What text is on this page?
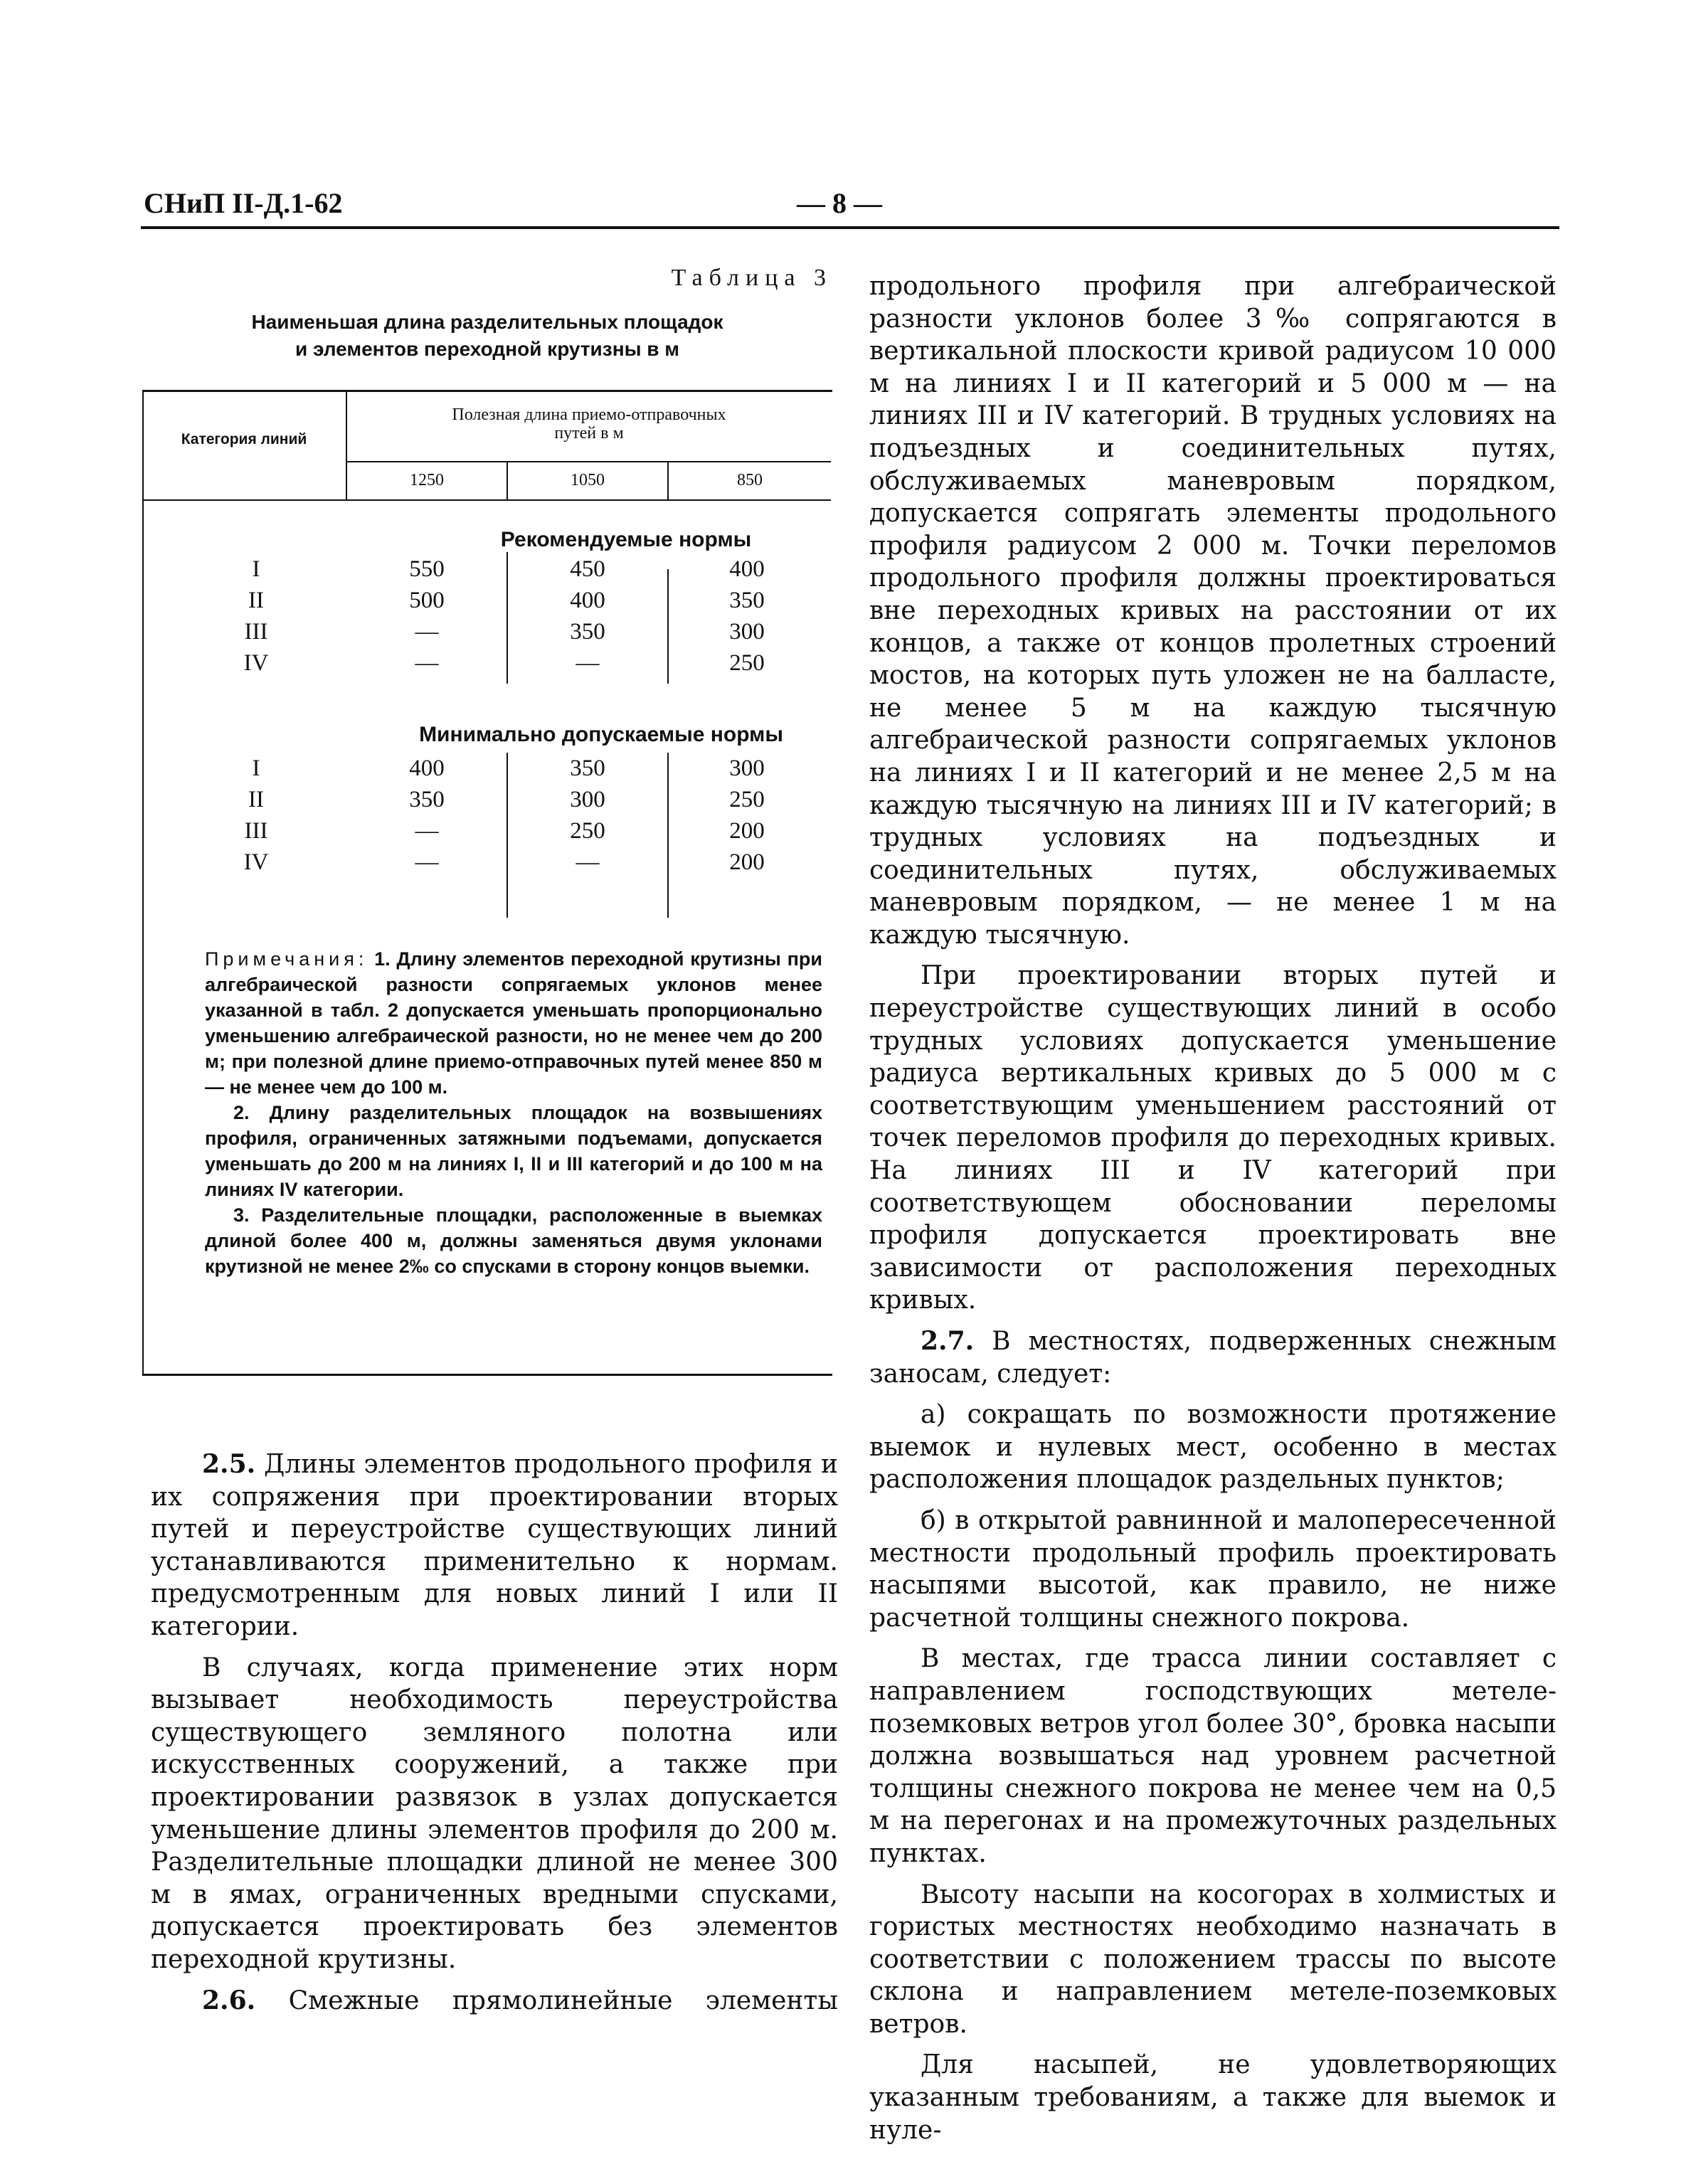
СНиП II-Д.1-62	— 8 —
Таблица 3
Наименьшая длина разделительных площадок
и элементов переходной крутизны в м
Категория линий
Полезная длина приемо-отправочных
путей в м
1250	1050	850
Рекомендуемые нормы
I	550	450	400
II	500	400	350
III	—	350	300
IV	—	—	250
Минимально допускаемые нормы
I	400	350	300
II	350	300	250
III	—	250	200
IV	—	—	200

Примечания: 1. Длину элементов переходной крутизны при алгебраической разности сопрягаемых уклонов менее указанной в табл. 2 допускается уменьшать пропорционально уменьшению алгебраической разности, но не менее чем до 200 м; при полезной длине приемо-отправочных путей менее 850 м — не менее чем до 100 м.

2. Длину разделительных площадок на возвышениях профиля, ограниченных затяжными подъемами, допускается уменьшать до 200 м на линиях I, II и III категорий и до 100 м на линиях IV категории.

3. Разделительные площадки, расположенные в выемках длиной более 400 м, должны заменяться двумя уклонами крутизной не менее 2‰ со спусками в сторону концов выемки.

2.5. Длины элементов продольного профиля и их сопряжения при проектировании вторых путей и переустройстве существующих линий устанавливаются применительно к нормам. предусмотренным для новых линий I или II категории.

В случаях, когда применение этих норм вызывает необходимость переустройства существующего земляного полотна или искусственных сооружений, а также при проектировании развязок в узлах допускается уменьшение длины элементов профиля до 200 м. Разделительные площадки длиной не менее 300 м в ямах, ограниченных вредными спусками, допускается проектировать без элементов переходной крутизны.

2.6. Смежные прямолинейные элементы

продольного профиля при алгебраической разности уклонов более 3‰ сопрягаются в вертикальной плоскости кривой радиусом 10 000 м на линиях I и II категорий и 5 000 м — на линиях III и IV категорий. В трудных условиях на подъездных и соединительных путях, обслуживаемых маневровым порядком, допускается сопрягать элементы продольного профиля радиусом 2 000 м. Точки переломов продольного профиля должны проектироваться вне переходных кривых на расстоянии от их концов, а также от концов пролетных строений мостов, на которых путь уложен не на балласте, не менее 5 м на каждую тысячную алгебраической разности сопрягаемых уклонов на линиях I и II категорий и не менее 2,5 м на каждую тысячную на линиях III и IV категорий; в трудных условиях на подъездных и соединительных путях, обслуживаемых маневровым порядком, — не менее 1 м на каждую тысячную.

При проектировании вторых путей и переустройстве существующих линий в особо трудных условиях допускается уменьшение радиуса вертикальных кривых до 5 000 м с соответствующим уменьшением расстояний от точек переломов профиля до переходных кривых. На линиях III и IV категорий при соответствующем обосновании переломы профиля допускается проектировать вне зависимости от расположения переходных кривых.

2.7. В местностях, подверженных снежным заносам, следует:

а) сокращать по возможности протяжение выемок и нулевых мест, особенно в местах расположения площадок раздельных пунктов;

б) в открытой равнинной и малопересеченной местности продольный профиль проектировать насыпями высотой, как правило, не ниже расчетной толщины снежного покрова.

В местах, где трасса линии составляет с направлением господствующих метеле-поземковых ветров угол более 30°, бровка насыпи должна возвышаться над уровнем расчетной толщины снежного покрова не менее чем на 0,5 м на перегонах и на промежуточных раздельных пунктах.

Высоту насыпи на косогорах в холмистых и гористых местностях необходимо назначать в соответствии с положением трассы по высоте склона и направлением метеле-поземковых ветров.

Для насыпей, не удовлетворяющих указанным требованиям, а также для выемок и нуле-
